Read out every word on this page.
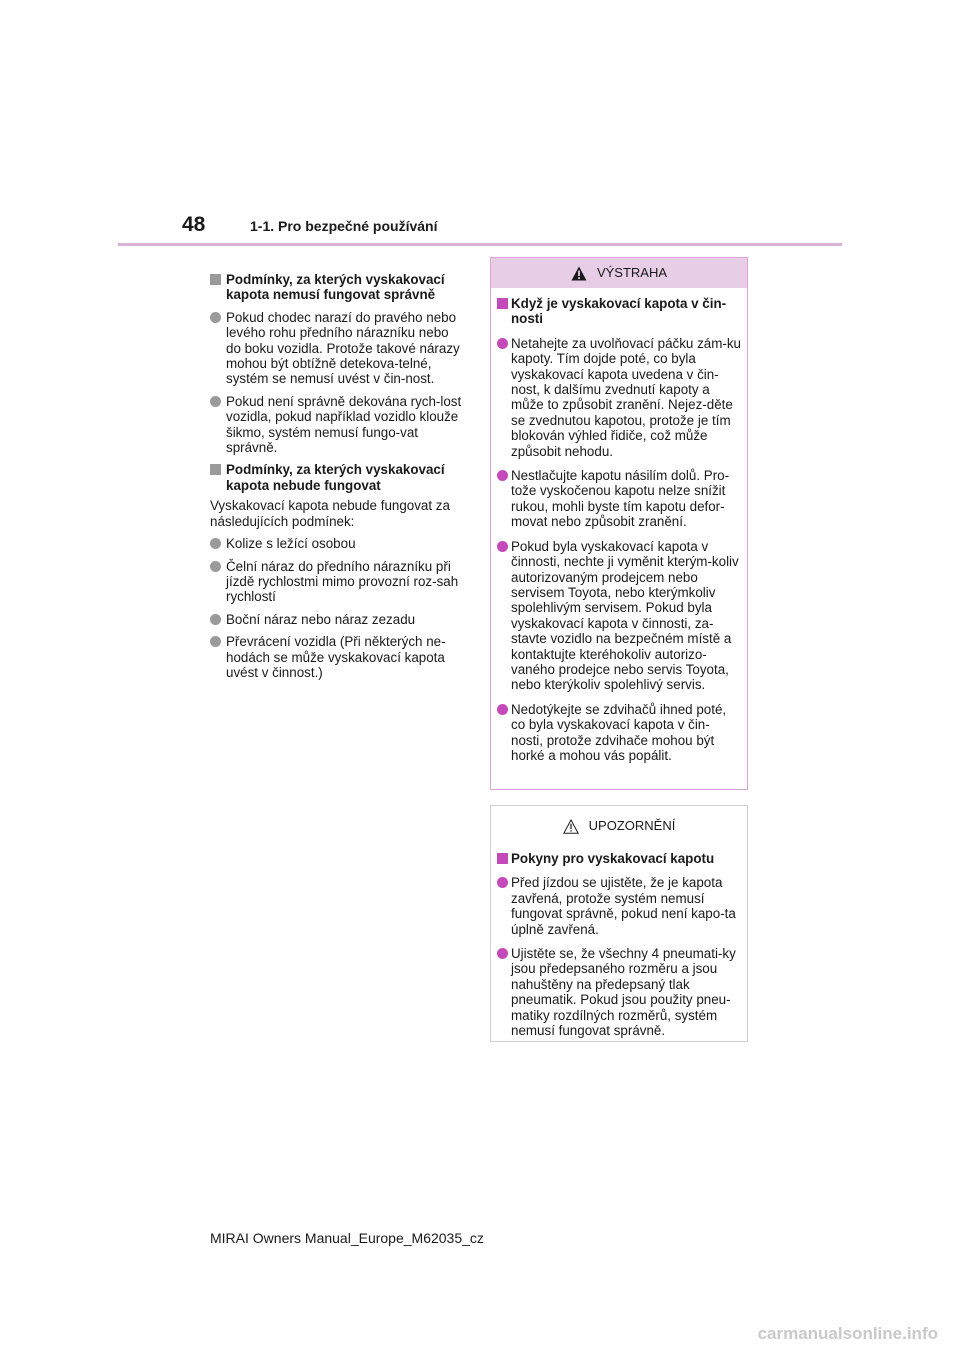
48	1-1. Pro bezpečné používání
Podmínky, za kterých vyskakovací kapota nemusí fungovat správně
Pokud chodec narazí do pravého nebo levého rohu předního nárazníku nebo do boku vozidla. Protože takové nárazy mohou být obtížně detekova-telné, systém se nemusí uvést v čin-nost.
Pokud není správně dekována rych-lost vozidla, pokud například vozidlo klouže šikmo, systém nemusí fungo-vat správně.
Podmínky, za kterých vyskakovací kapota nebude fungovat
Vyskakovací kapota nebude fungovat za následujících podmínek:
Kolize s ležící osobou
Čelní náraz do předního nárazníku při jízdě rychlostmi mimo provozní roz-sah rychlostí
Boční náraz nebo náraz zezadu
Převrácení vozidla (Při některých ne-hodách se může vyskakovací kapota uvést v činnost.)
VÝSTRAHA
Když je vyskakovací kapota v čin-nosti
Netahejte za uvolňovací páčku zám-ku kapoty. Tím dojde poté, co byla vyskakovací kapota uvedena v čin-nost, k dalšímu zvednutí kapoty a může to způsobit zranění. Nejez-děte se zvednutou kapotou, protože je tím blokován výhled řidiče, což může způsobit nehodu.
Nestlačujte kapotu násilím dolů. Pro-tože vyskočenou kapotu nelze snížit rukou, mohli byste tím kapotu defor-movat nebo způsobit zranění.
Pokud byla vyskakovací kapota v činnosti, nechte ji vyměnit kterým-koliv autorizovaným prodejcem nebo servisem Toyota, nebo kterýmkoliv spolehlivým servisem. Pokud byla vyskakovací kapota v činnosti, za-stavte vozidlo na bezpečném místě a kontaktujte kteréhokoliv autorizo-vaného prodejce nebo servis Toyota, nebo kterýkoliv spolehlivý servis.
Nedotýkejte se zdvihačů ihned poté, co byla vyskakovací kapota v čin-nosti, protože zdvihače mohou být horké a mohou vás popálit.
UPOZORNĚNÍ
Pokyny pro vyskakovací kapotu
Před jízdou se ujistěte, že je kapota zavřená, protože systém nemusí fungovat správně, pokud není kapo-ta úplně zavřená.
Ujistěte se, že všechny 4 pneumati-ky jsou předepsaného rozměru a jsou nahuštěny na předepsaný tlak pneumatik. Pokud jsou použity pneu-matiky rozdílných rozměrů, systém nemusí fungovat správně.
MIRAI Owners Manual_Europe_M62035_cz
carmanualsonline.info
